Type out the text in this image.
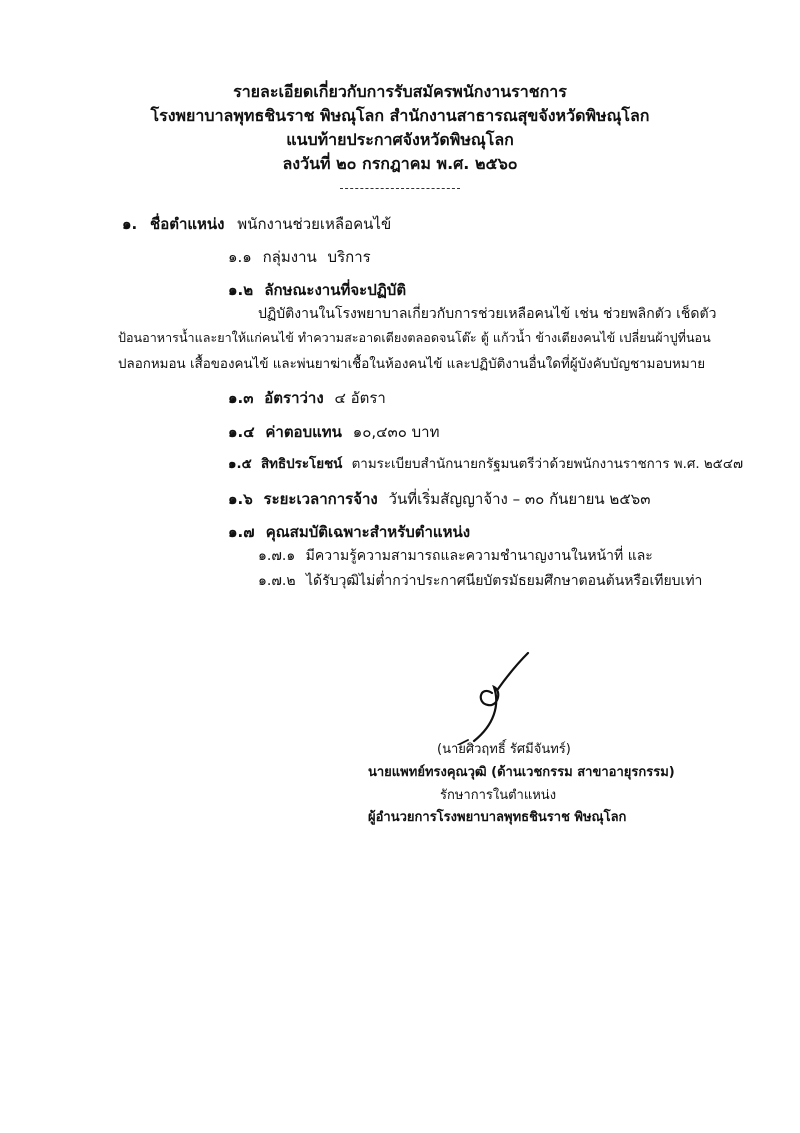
รายละเอียดเกี่ยวกับการรับสมัครพนักงานราชการ
โรงพยาบาลพุทธชินราช พิษณุโลก สำนักงานสาธารณสุขจังหวัดพิษณุโลก
แนบท้ายประกาศจังหวัดพิษณุโลก
ลงวันที่ ๒๐ กรกฎาคม พ.ศ. ๒๕๖๐
๑. ชื่อตำแหน่ง พนักงานช่วยเหลือคนไข้
๑.๑ กลุ่มงาน บริการ
๑.๒ ลักษณะงานที่จะปฏิบัติ
ปฏิบัติงานในโรงพยาบาลเกี่ยวกับการช่วยเหลือคนไข้ เช่น ช่วยพลิกตัว เช็ดตัว
ป้อนอาหารน้ำและยาให้แก่คนไข้ ทำความสะอาดเตียงตลอดจนโต๊ะ ตู้ แก้วน้ำ ข้างเตียงคนไข้ เปลี่ยนผ้าปูที่นอน
ปลอกหมอน เสื้อของคนไข้ และพ่นยาฆ่าเชื้อในห้องคนไข้ และปฏิบัติงานอื่นใดที่ผู้บังคับบัญชามอบหมาย
๑.๓ อัตราว่าง ๔ อัตรา
๑.๔ ค่าตอบแทน ๑๐,๔๓๐ บาท
๑.๕ สิทธิประโยชน์ ตามระเบียบสำนักนายกรัฐมนตรีว่าด้วยพนักงานราชการ พ.ศ. ๒๕๔๗
๑.๖ ระยะเวลาการจ้าง วันที่เริ่มสัญญาจ้าง – ๓๐ กันยายน ๒๕๖๓
๑.๗ คุณสมบัติเฉพาะสำหรับตำแหน่ง
๑.๗.๑ มีความรู้ความสามารถและความชำนาญงานในหน้าที่ และ
๑.๗.๒ ได้รับวุฒิไม่ต่ำกว่าประกาศนียบัตรมัธยมศึกษาตอนต้นหรือเทียบเท่า
(นายศิวฤทธิ์ รัศมีจันทร์)
นายแพทย์ทรงคุณวุฒิ (ด้านเวชกรรม สาขาอายุรกรรม)
รักษาการในตำแหน่ง
ผู้อำนวยการโรงพยาบาลพุทธชินราช พิษณุโลก
